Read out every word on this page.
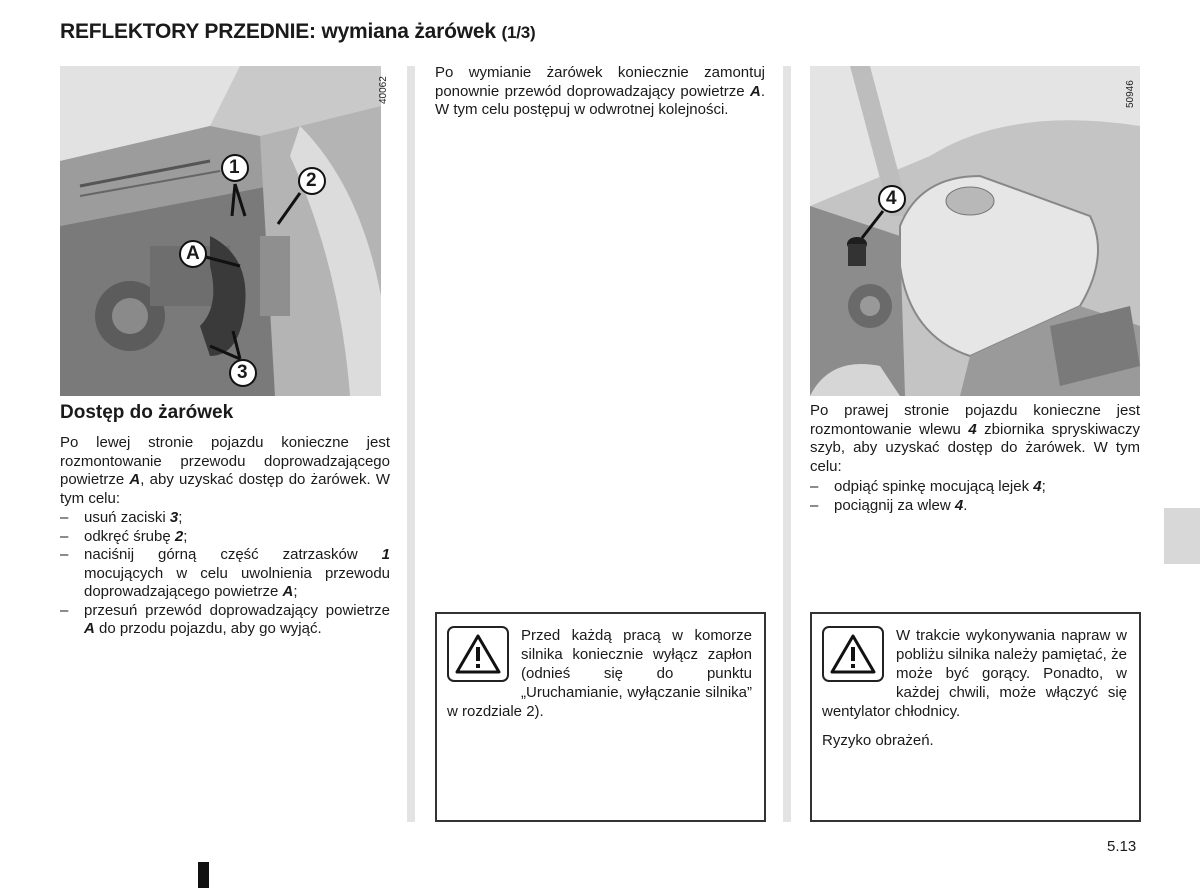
REFLEKTORY PRZEDNIE: wymiana żarówek (1/3)
1
2
A
3
40062
Dostęp do żarówek
Po lewej stronie pojazdu konieczne jest rozmontowanie przewodu doprowadzającego powietrze A, aby uzyskać dostęp do żarówek. W tym celu:
– usuń zaciski 3;
– odkręć śrubę 2;
– naciśnij górną część zatrzasków 1 mocujących w celu uwolnienia przewodu doprowadzającego powietrze A;
– przesuń przewód doprowadzający powietrze A do przodu pojazdu, aby go wyjąć.
Po wymianie żarówek koniecznie zamontuj ponownie przewód doprowadzający powietrze A. W tym celu postępuj w odwrotnej kolejności.
4
50946
Po prawej stronie pojazdu konieczne jest rozmontowanie wlewu 4 zbiornika spryskiwaczy szyb, aby uzyskać dostęp do żarówek. W tym celu:
– odpiąć spinkę mocującą lejek 4;
– pociągnij za wlew 4.

Przed każdą pracą w komorze silnika koniecznie wyłącz zapłon (odnieś się do punktu „Uruchamianie, wyłączanie silnika” w rozdziale 2).

W trakcie wykonywania napraw w pobliżu silnika należy pamiętać, że może być gorący. Ponadto, w każdej chwili, może włączyć się wentylator chłodnicy.

Ryzyko obrażeń.

5.13
